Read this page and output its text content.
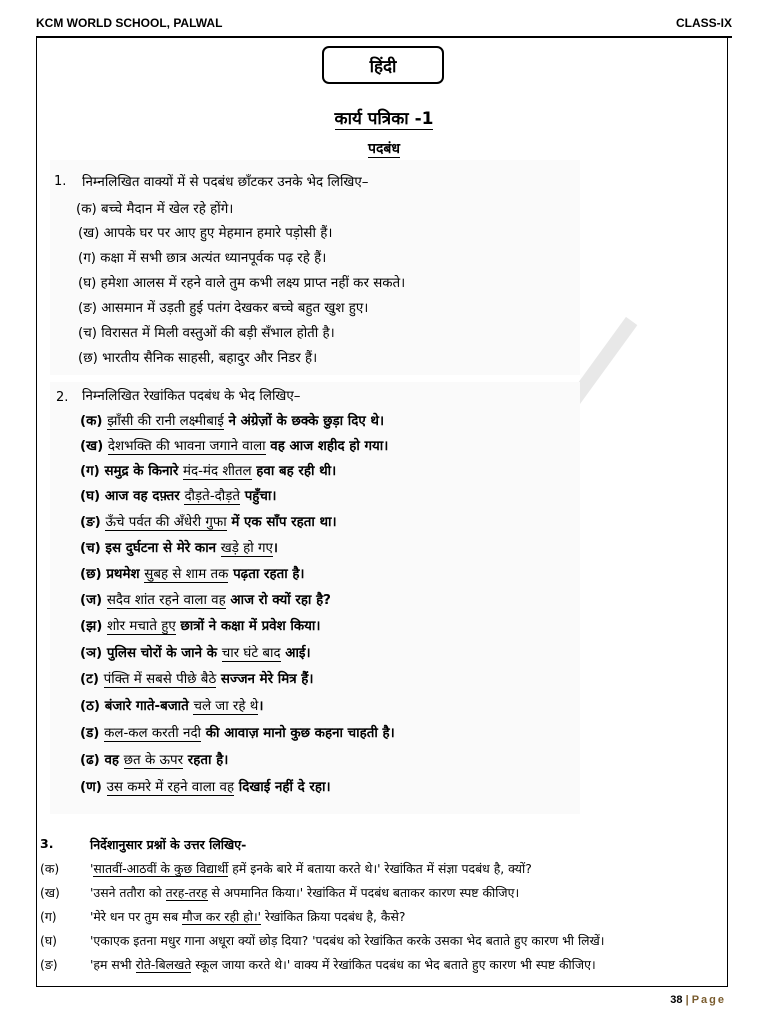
KCM WORLD SCHOOL, PALWAL	CLASS-IX
हिंदी
कार्य पत्रिका -1
पदबंध
1. निम्नलिखित वाक्यों में से पदबंध छाँटकर उनके भेद लिखिए–
(क) बच्चे मैदान में खेल रहे होंगे।
(ख) आपके घर पर आए हुए मेहमान हमारे पड़ोसी हैं।
(ग) कक्षा में सभी छात्र अत्यंत ध्यानपूर्वक पढ़ रहे हैं।
(घ) हमेशा आलस में रहने वाले तुम कभी लक्ष्य प्राप्त नहीं कर सकते।
(ङ) आसमान में उड़ती हुई पतंग देखकर बच्चे बहुत खुश हुए।
(च) विरासत में मिली वस्तुओं की बड़ी सँभाल होती है।
(छ) भारतीय सैनिक साहसी, बहादुर और निडर हैं।
2. निम्नलिखित रेखांकित पदबंध के भेद लिखिए–
(क) झाँसी की रानी लक्ष्मीबाई ने अंग्रेज़ों के छक्के छुड़ा दिए थे।
(ख) देशभक्ति की भावना जगाने वाला वह आज शहीद हो गया।
(ग) समुद्र के किनारे मंद-मंद शीतल हवा बह रही थी।
(घ) आज वह दफ़्तर दौड़ते-दौड़ते पहुँचा।
(ङ) ऊँचे पर्वत की अँधेरी गुफा में एक साँप रहता था।
(च) इस दुर्घटना से मेरे कान खड़े हो गए।
(छ) प्रथमेश सुबह से शाम तक पढ़ता रहता है।
(ज) सदैव शांत रहने वाला वह आज रो क्यों रहा है?
(झ) शोर मचाते हुए छात्रों ने कक्षा में प्रवेश किया।
(ञ) पुलिस चोरों के जाने के चार घंटे बाद आई।
(ट) पंक्ति में सबसे पीछे बैठे सज्जन मेरे मित्र हैं।
(ठ) बंजारे गाते-बजाते चले जा रहे थे।
(ड) कल-कल करती नदी की आवाज़ मानो कुछ कहना चाहती है।
(ढ) वह छत के ऊपर रहता है।
(ण) उस कमरे में रहने वाला वह दिखाई नहीं दे रहा।
3.	निर्देशानुसार प्रश्नों के उत्तर लिखिए-
(क) 'सातवीं-आठवीं के कुछ विद्यार्थी हमें इनके बारे में बताया करते थे।' रेखांकित में संज्ञा पदबंध है, क्यों?
(ख) 'उसने ततौरा को तरह-तरह से अपमानित किया।' रेखांकित में पदबंध बताकर कारण स्पष्ट कीजिए।
(ग)	'मेरे धन पर तुम सब मौज कर रही हो।' रेखांकित क्रिया पदबंध है, कैसे?
(घ)	'एकाएक इतना मधुर गाना अधूरा क्यों छोड़ दिया? 'पदबंध को रेखांकित करके उसका भेद बताते हुए कारण भी लिखें।
(ङ)	'हम सभी रोते-बिलखते स्कूल जाया करते थे।' वाक्य में रेखांकित पदबंध का भेद बताते हुए कारण भी स्पष्ट कीजिए।
38 | Page
